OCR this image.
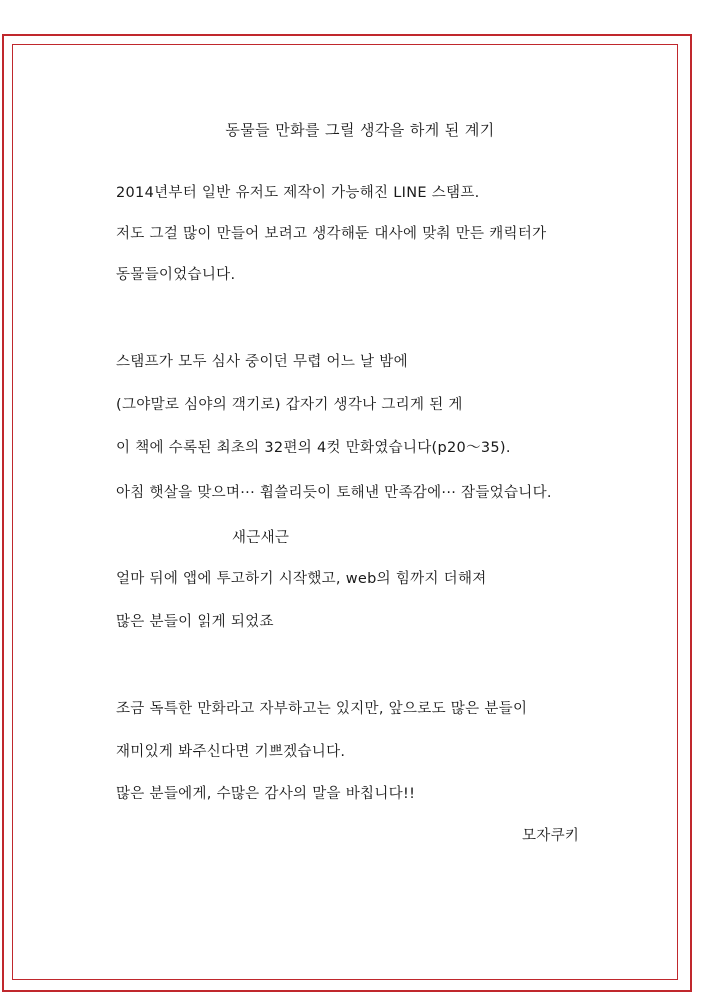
동물들 만화를 그릴 생각을 하게 된 계기
2014년부터 일반 유저도 제작이 가능해진 LINE 스탬프.
저도 그걸 많이 만들어 보려고 생각해둔 대사에 맞춰 만든 캐릭터가
동물들이었습니다.
스탬프가 모두 심사 중이던 무렵 어느 날 밤에
(그야말로 심야의 객기로) 갑자기 생각나 그리게 된 게
이 책에 수록된 최초의 32편의 4컷 만화였습니다(p20～35).
아침 햇살을 맞으며··· 휩쓸리듯이 토해낸 만족감에··· 잠들었습니다.
새근새근
얼마 뒤에 앱에 투고하기 시작했고, web의 힘까지 더해져
많은 분들이 읽게 되었죠
조금 독특한 만화라고 자부하고는 있지만, 앞으로도 많은 분들이
재미있게 봐주신다면 기쁘겠습니다.
많은 분들에게, 수많은 감사의 말을 바칩니다!!
모자쿠키
